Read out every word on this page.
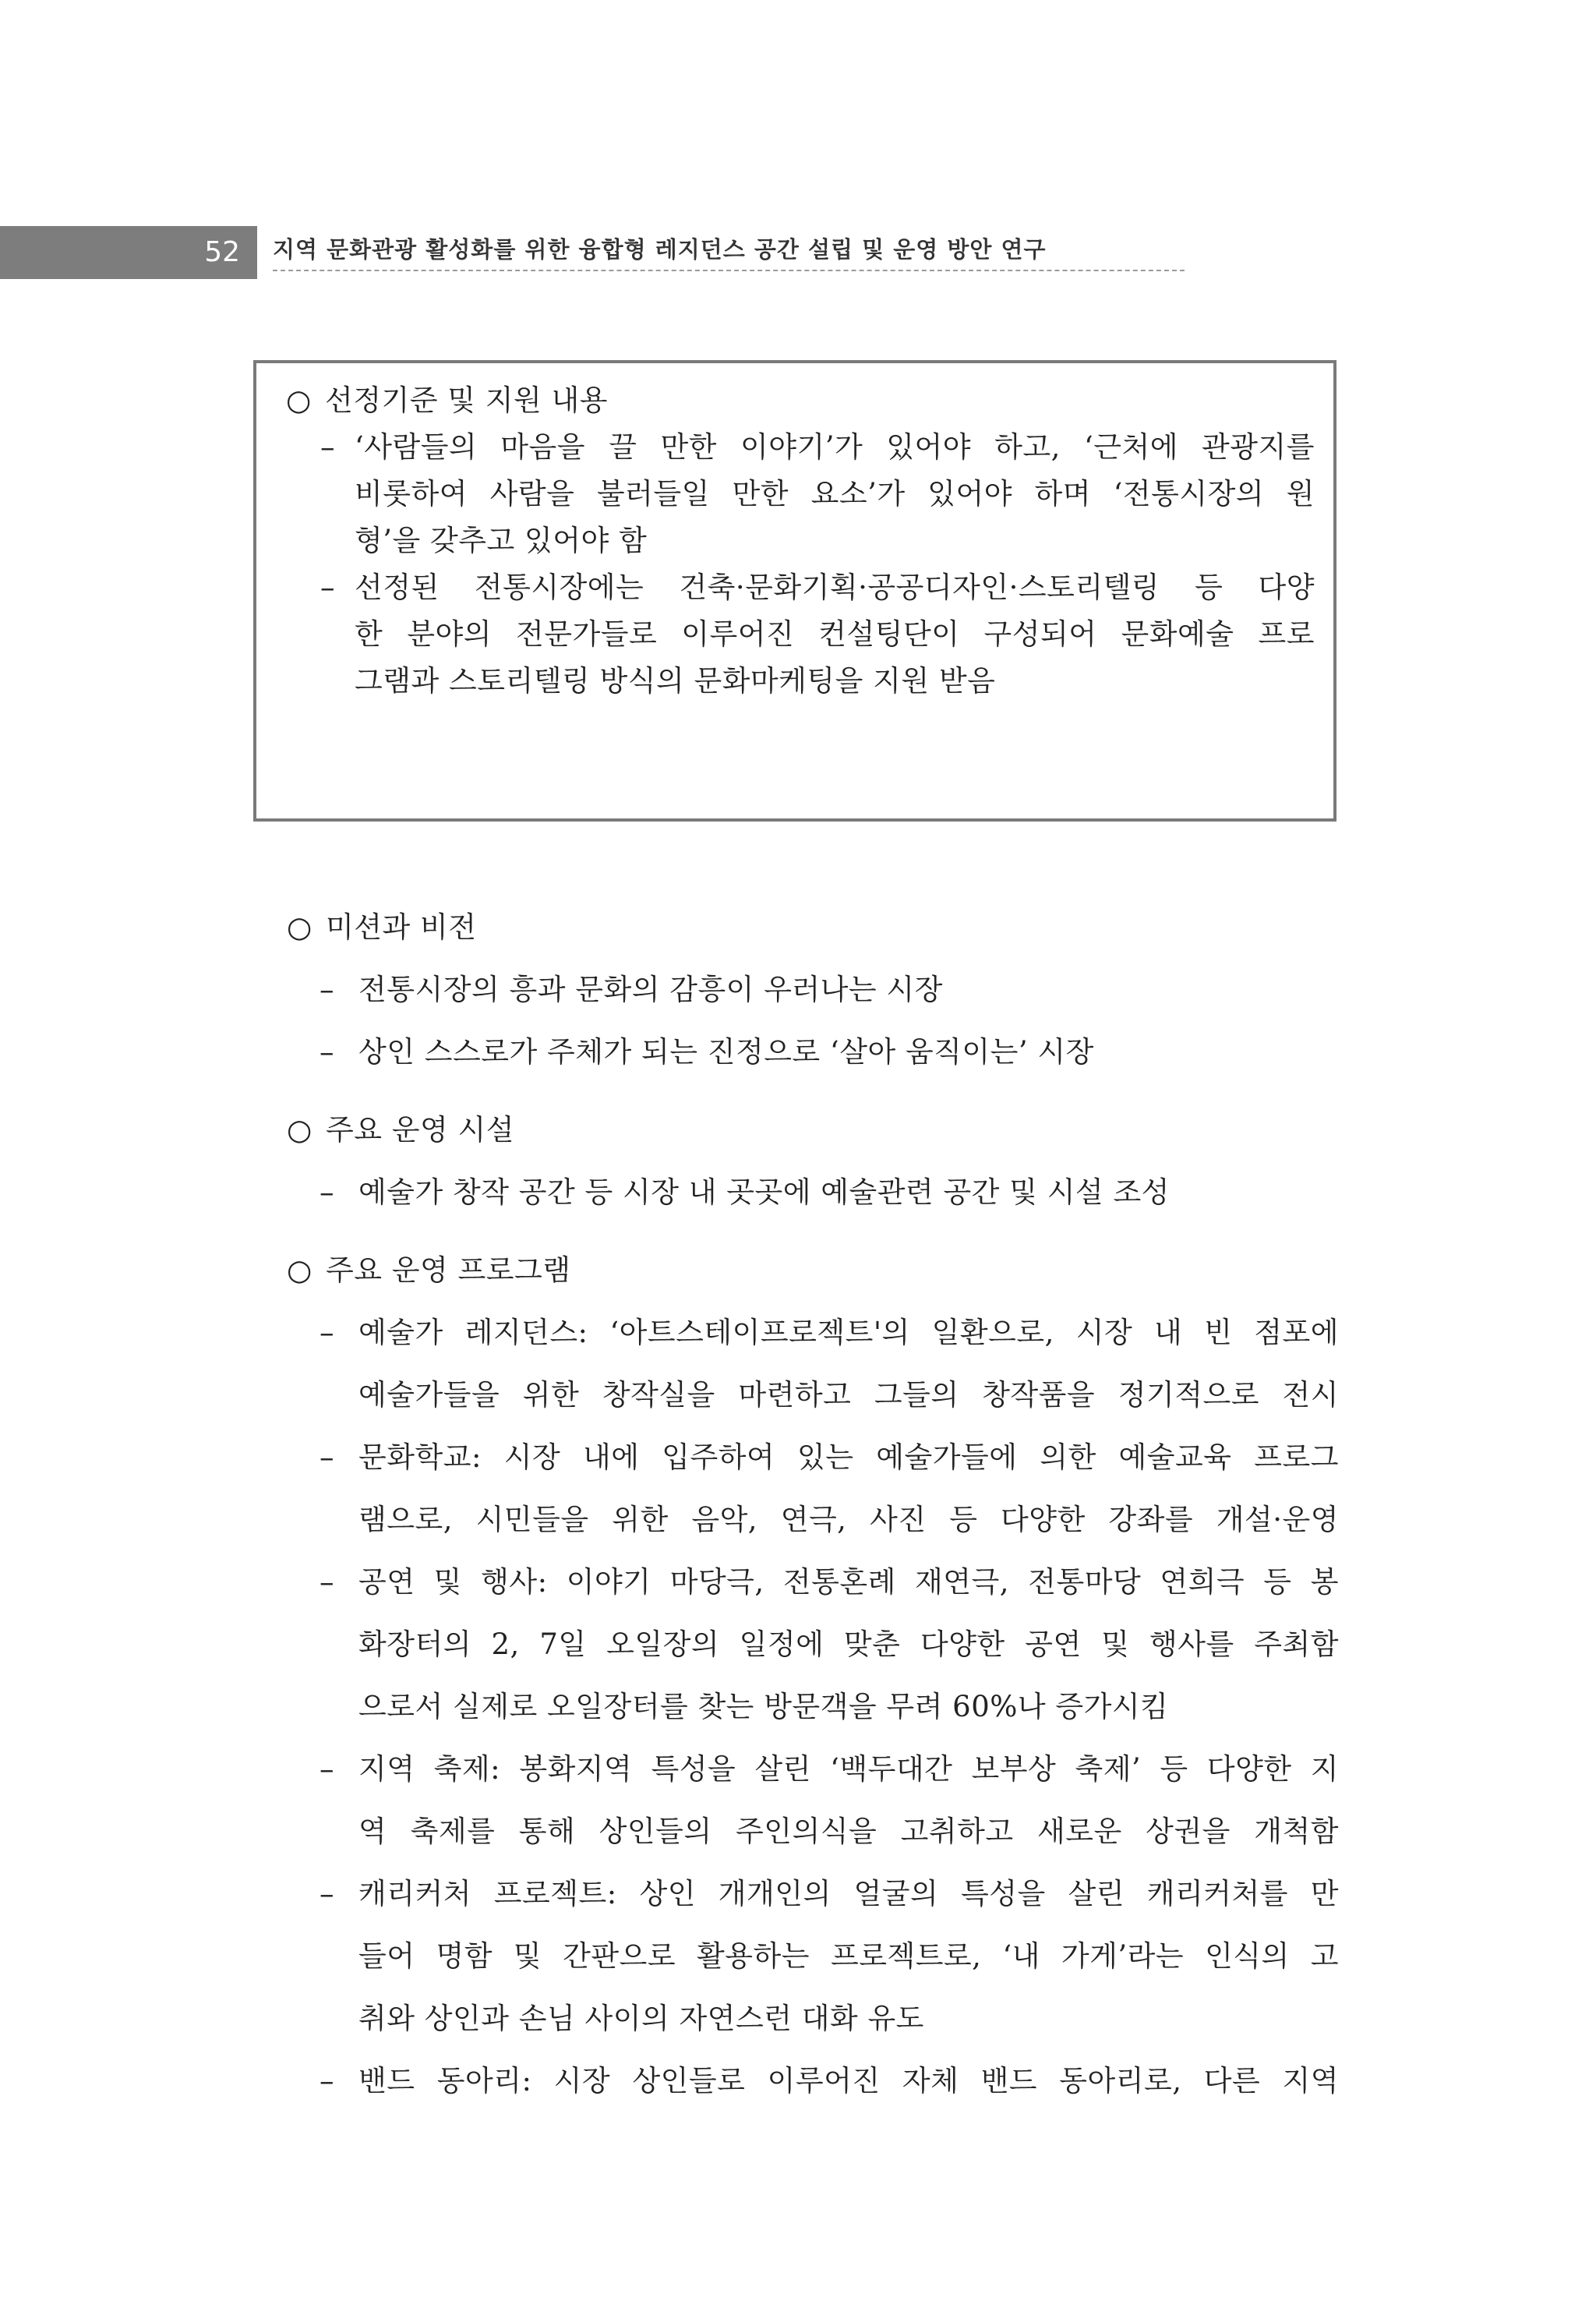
52 지역 문화관광 활성화를 위한 융합형 레지던스 공간 설립 및 운영 방안 연구
○ 선정기준 및 지원 내용
– ‘사람들의 마음을 끌 만한 이야기’가 있어야 하고, ‘근처에 관광지를
비롯하여 사람을 불러들일 만한 요소’가 있어야 하며 ‘전통시장의 원
형’을 갖추고 있어야 함
– 선정된 전통시장에는 건축·문화기획·공공디자인·스토리텔링 등 다양
한 분야의 전문가들로 이루어진 컨설팅단이 구성되어 문화예술 프로
그램과 스토리텔링 방식의 문화마케팅을 지원 받음
○ 미션과 비전
– 전통시장의 흥과 문화의 감흥이 우러나는 시장
– 상인 스스로가 주체가 되는 진정으로 ‘살아 움직이는’ 시장
○ 주요 운영 시설
– 예술가 창작 공간 등 시장 내 곳곳에 예술관련 공간 및 시설 조성
○ 주요 운영 프로그램
– 예술가 레지던스: ‘아트스테이프로젝트'의 일환으로, 시장 내 빈 점포에
예술가들을 위한 창작실을 마련하고 그들의 창작품을 정기적으로 전시
– 문화학교: 시장 내에 입주하여 있는 예술가들에 의한 예술교육 프로그
램으로, 시민들을 위한 음악, 연극, 사진 등 다양한 강좌를 개설·운영
– 공연 및 행사: 이야기 마당극, 전통혼례 재연극, 전통마당 연희극 등 봉
화장터의 2, 7일 오일장의 일정에 맞춘 다양한 공연 및 행사를 주최함
으로서 실제로 오일장터를 찾는 방문객을 무려 60%나 증가시킴
– 지역 축제: 봉화지역 특성을 살린 ‘백두대간 보부상 축제’ 등 다양한 지
역 축제를 통해 상인들의 주인의식을 고취하고 새로운 상권을 개척함
– 캐리커처 프로젝트: 상인 개개인의 얼굴의 특성을 살린 캐리커처를 만
들어 명함 및 간판으로 활용하는 프로젝트로, ‘내 가게’라는 인식의 고
취와 상인과 손님 사이의 자연스런 대화 유도
– 밴드 동아리: 시장 상인들로 이루어진 자체 밴드 동아리로, 다른 지역
